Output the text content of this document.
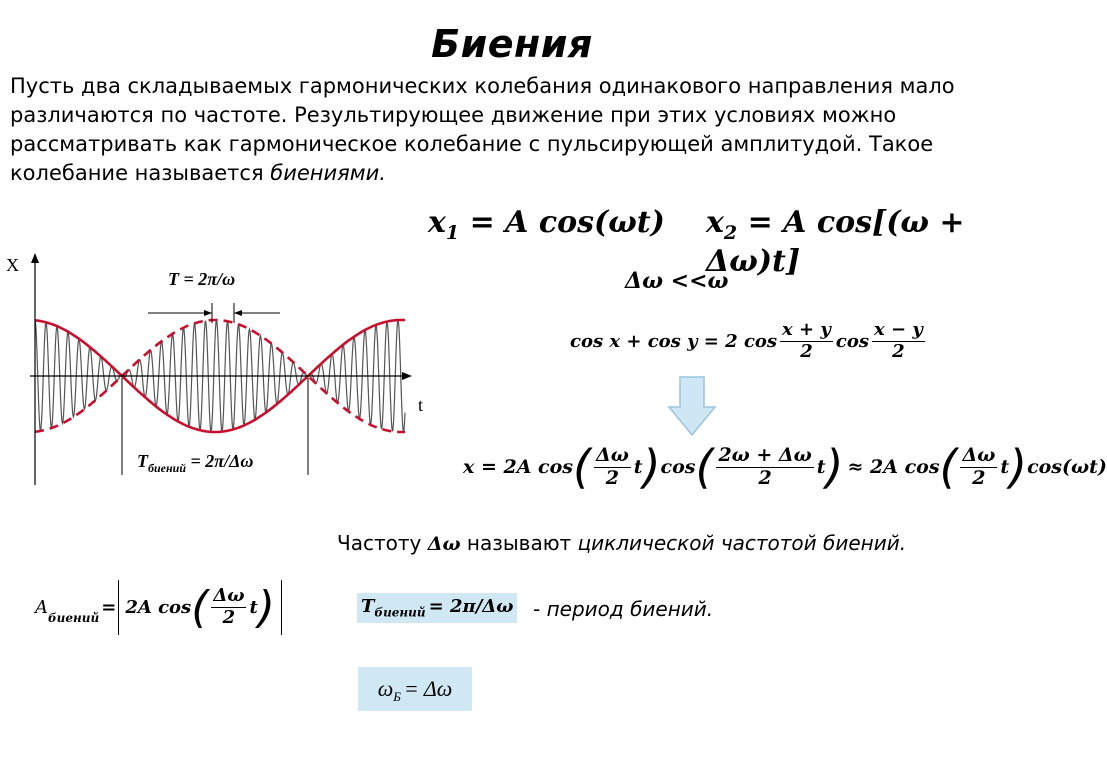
Биения
Пусть два складываемых гармонических колебания одинакового направления мало различаются по частоте. Результирующее движение при этих условиях можно рассматривать как гармоническое колебание с пульсирующей амплитудой. Такое колебание называется биениями.
X
t
T = 2π/ω
$T_{биений} = 2\pi/\Delta\omega$
$x_1 = A$ cos(ωt) $x_2 = A$ cos[(ω + Δω)t]
Δω <<ω
cos x + cos y = 2 $\cos \frac{x + y}{2}$ $\cos \frac{x - y}{2}$
x = 2A cos ( $\frac{\Delta\omega}{2}$ t ) cos ( $\frac{2\omega + \Delta\omega}{2}$ t ) ≈ 2A cos ( $\frac{\Delta\omega}{2}$ t ) cos(ωt)
Частоту Δω называют циклической частотой биений.
$A_{биений} = 2A$ cos ( $\frac{\Delta\omega}{2}$ t )	$T_{биений} = 2\pi/\Delta\omega$ - период биений.
$\omega_Б = \Delta\omega$
